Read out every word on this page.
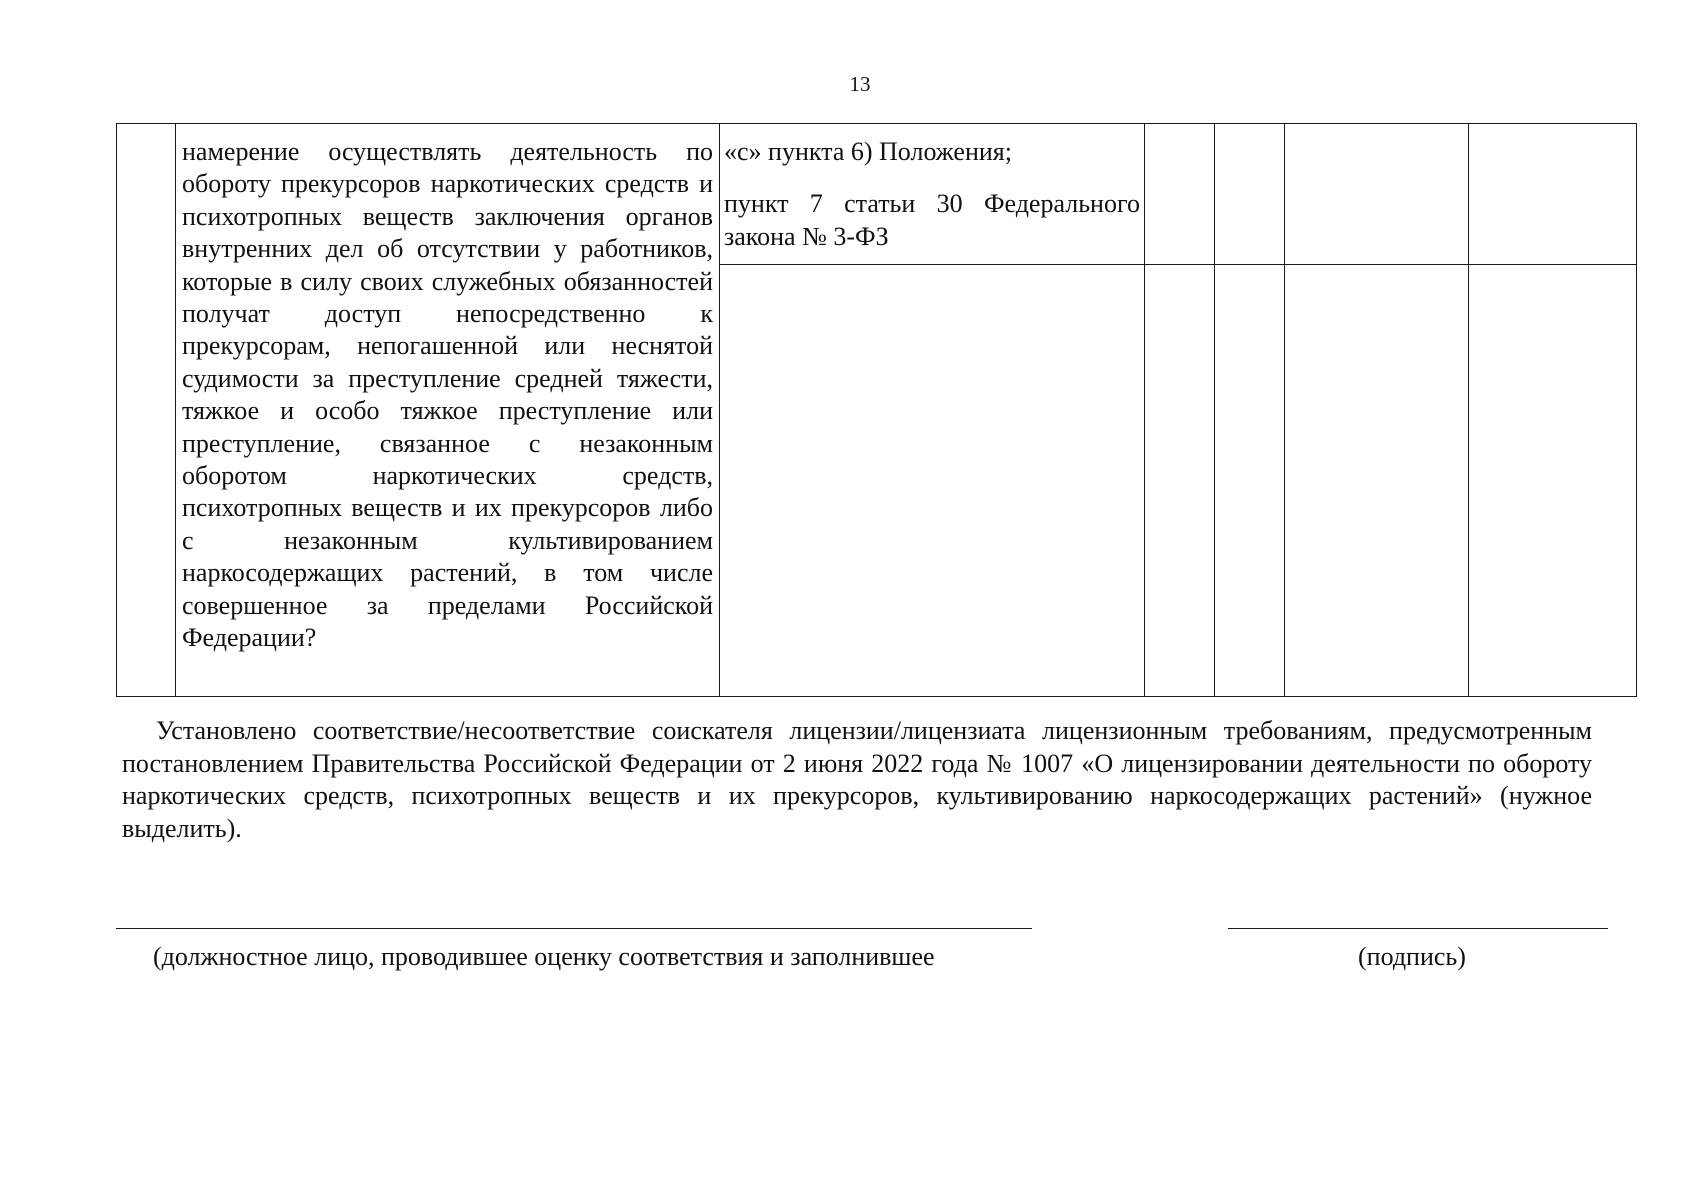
13
	намерение осуществлять деятельность по обороту прекурсоров наркотических средств и психотропных веществ заключения органов внутренних дел об отсутствии у работников, которые в силу своих служебных обязанностей получат доступ непосредственно к прекурсорам, непогашенной или неснятой судимости за преступление средней тяжести, тяжкое и особо тяжкое преступление или преступление, связанное с незаконным оборотом наркотических средств, психотропных веществ и их прекурсоров либо с незаконным культивированием наркосодержащих растений, в том числе совершенное за пределами Российской Федерации?	«с» пункта 6) Положения;
пункт 7 статьи 30 Федерального закона № 3-ФЗ				

Установлено соответствие/несоответствие соискателя лицензии/лицензиата лицензионным требованиям, предусмотренным постановлением Правительства Российской Федерации от 2 июня 2022 года № 1007 «О лицензировании деятельности по обороту наркотических средств, психотропных веществ и их прекурсоров, культивированию наркосодержащих растений» (нужное выделить).
(должностное лицо, проводившее оценку соответствия и заполнившее	(подпись)
